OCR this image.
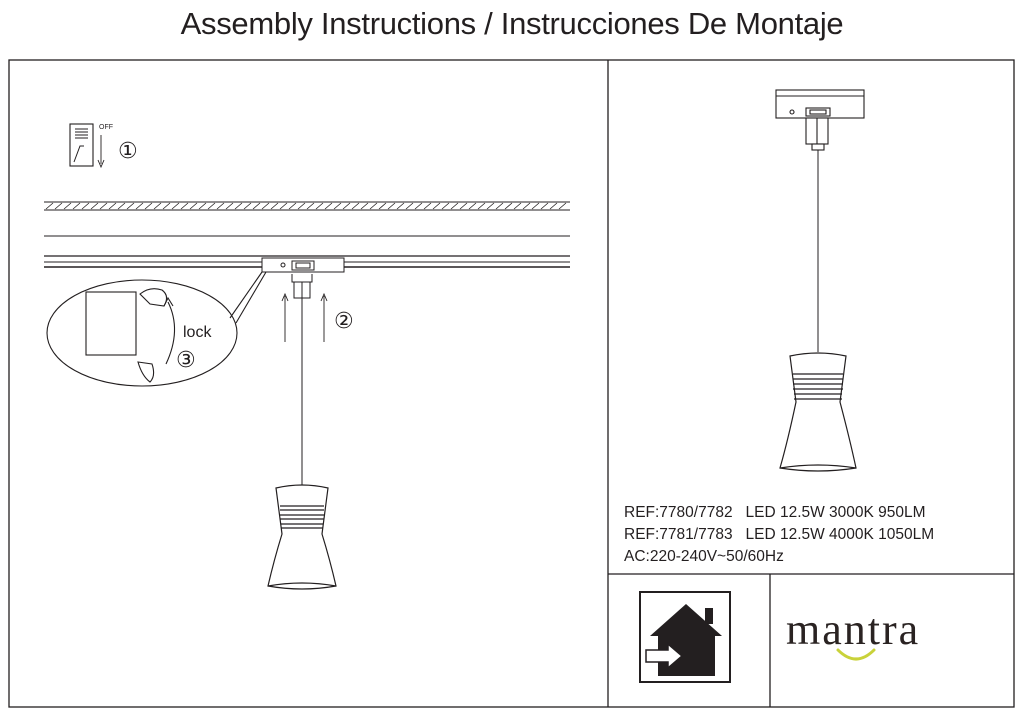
Assembly Instructions / Instrucciones De Montaje
OFF
①
②
lock
③
REF:7780/7782   LED 12.5W 3000K 950LM
REF:7781/7783   LED 12.5W 4000K 1050LM
AC:220-240V~50/60Hz
mantra
